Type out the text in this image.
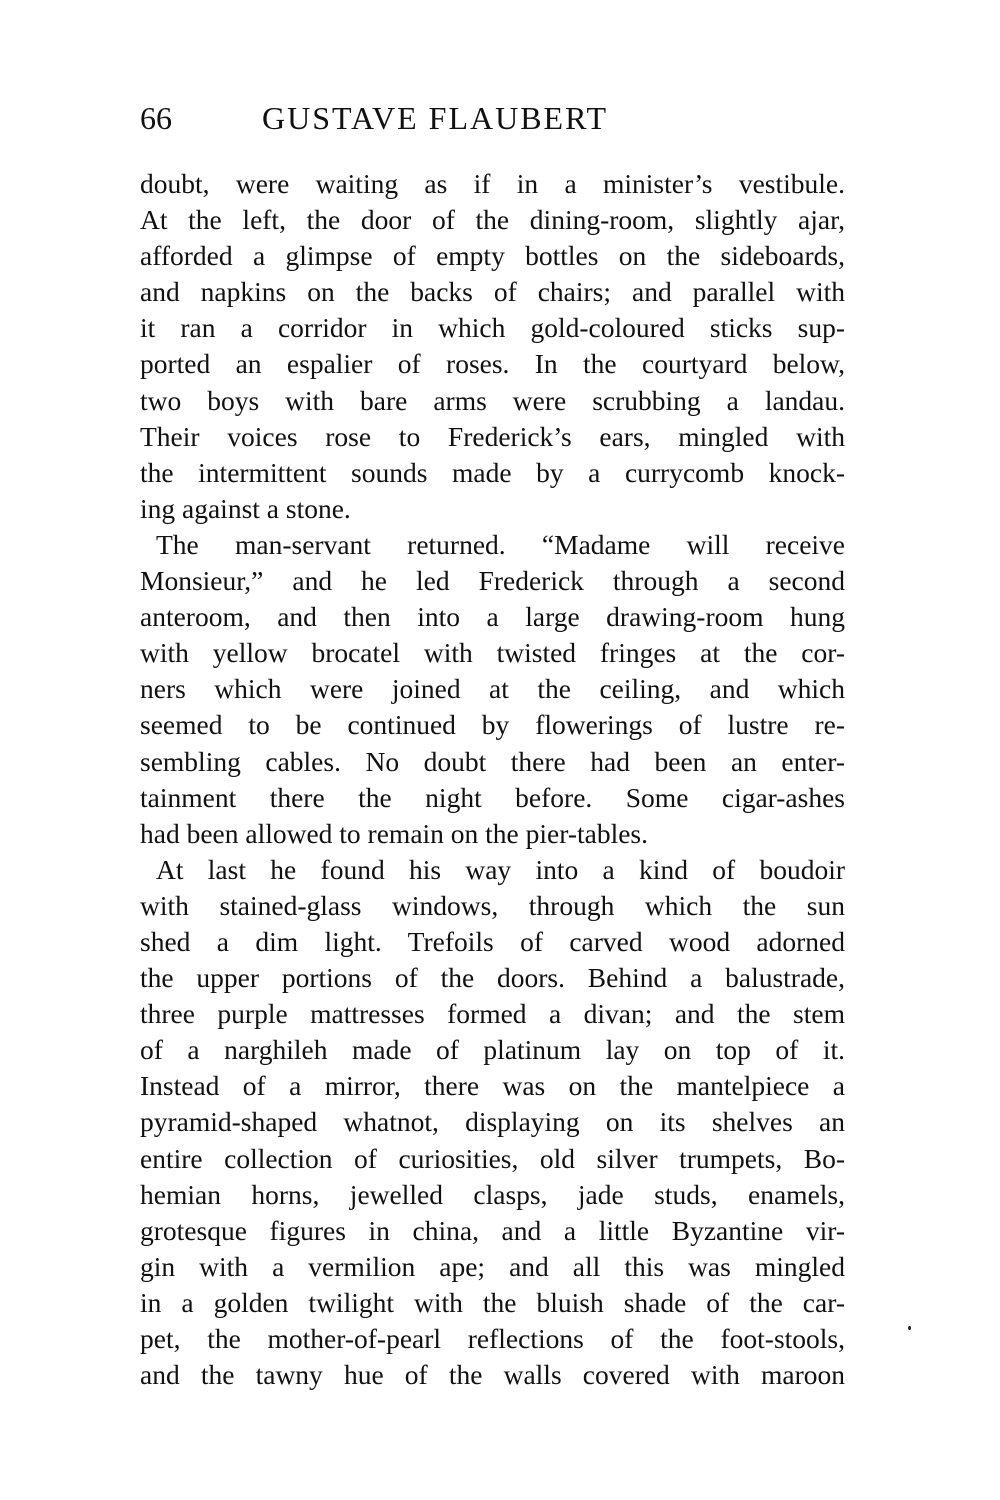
66	GUSTAVE FLAUBERT
doubt, were waiting as if in a minister’s vestibule.
At the left, the door of the dining-room, slightly ajar,
afforded a glimpse of empty bottles on the sideboards,
and napkins on the backs of chairs; and parallel with
it ran a corridor in which gold-coloured sticks sup-
ported an espalier of roses. In the courtyard below,
two boys with bare arms were scrubbing a landau.
Their voices rose to Frederick’s ears, mingled with
the intermittent sounds made by a currycomb knock-
ing against a stone.
The man-servant returned. “Madame will receive
Monsieur,” and he led Frederick through a second
anteroom, and then into a large drawing-room hung
with yellow brocatel with twisted fringes at the cor-
ners which were joined at the ceiling, and which
seemed to be continued by flowerings of lustre re-
sembling cables. No doubt there had been an enter-
tainment there the night before. Some cigar-ashes
had been allowed to remain on the pier-tables.
At last he found his way into a kind of boudoir
with stained-glass windows, through which the sun
shed a dim light. Trefoils of carved wood adorned
the upper portions of the doors. Behind a balustrade,
three purple mattresses formed a divan; and the stem
of a narghileh made of platinum lay on top of it.
Instead of a mirror, there was on the mantelpiece a
pyramid-shaped whatnot, displaying on its shelves an
entire collection of curiosities, old silver trumpets, Bo-
hemian horns, jewelled clasps, jade studs, enamels,
grotesque figures in china, and a little Byzantine vir-
gin with a vermilion ape; and all this was mingled
in a golden twilight with the bluish shade of the car-
pet, the mother-of-pearl reflections of the foot-stools,
and the tawny hue of the walls covered with maroon
